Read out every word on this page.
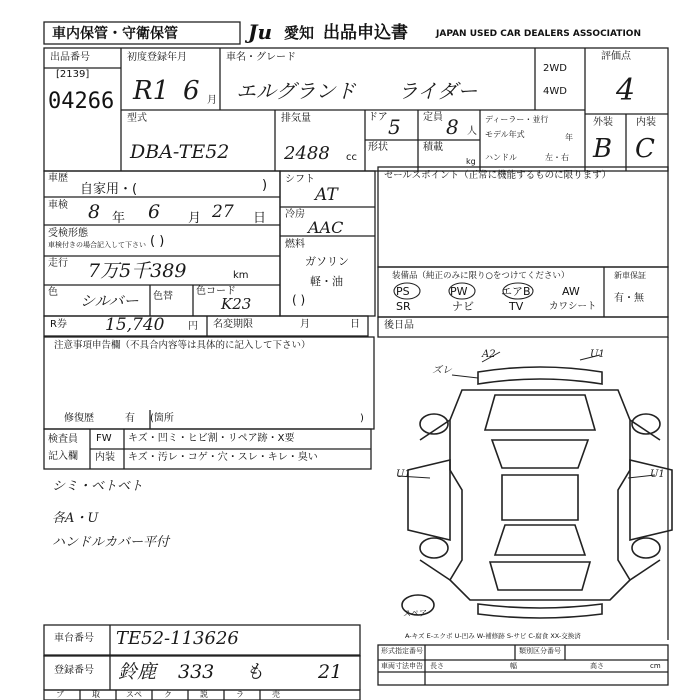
車内保管・守衛保管	Ju 愛知 出品申込書	JAPAN USED CAR DEALERS ASSOCIATION
出品番号
[2139]
04266
初度登録年月
R1 6 月
車名・グレード
エルグランド ライダー
2WD
4WD
評価点
4
外装 内装
B C
型式
DBA-TE52
排気量
2488 cc
ドア 5 定員 8 人
形状	積載
kg
ディーラー・並行
モデル年式	年
ハンドル	左・右
車歴
自家用・(	)
車検 8 年 6 月 27 日
受検形態
車検付きの場合記入して下さい ( )
走行 7万5千389	km
色 シルバー 色替 色コード
K23
シフト
AT
冷房
AAC
燃料
ガソリン
軽・油
( )
セールスポイント（正常に機能するものに限ります）
装備品（純正のみに限り○をつけてください）
PS	PW	エアB	AW
SR	ナビ	TV	カワシート
新車保証
有・無
R券 15,740 円 名変期限	月	日
注意事項申告欄（不具合内容等は具体的に記入して下さい）
修復歴	有 (箇所	)
後日品
検査員
記入欄
FW キズ・凹ミ・ヒビ割・リペア跡・X要
内装 キズ・汚レ・コゲ・穴・スレ・キレ・臭い
シミ・ベトベト
各A・U
ハンドルカバー平付
ズレ
A2	U1
U1	U1
スペア
A-キズ E-エクボ U-凹み W-補修跡 S-サビ C-腐食 XX-交換済
車台番号 TE52-113626
登録番号 鈴鹿 333 も	21
形式指定番号	類別区分番号
車両寸法申告 長さ	幅	高さ	cm
ブ	取	スペ	ク	説	ラ	売
